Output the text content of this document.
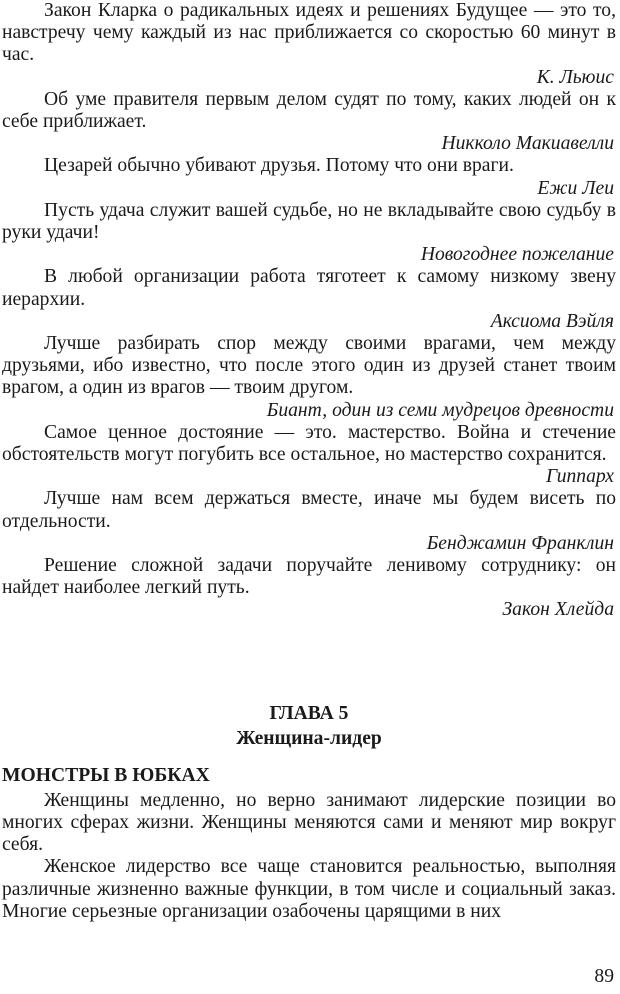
Закон Кларка о радикальных идеях и решениях Будущее — это то, навстречу чему каждый из нас приближается со скоростью 60 минут в час.

К. Льюис

Об уме правителя первым делом судят по тому, каких людей он к себе приближает.

Никколо Макиавелли

Цезарей обычно убивают друзья. Потому что они враги.

Ежи Леи

Пусть удача служит вашей судьбе, но не вкладывайте свою судьбу в руки удачи!

Новогоднее пожелание

В любой организации работа тяготеет к самому низкому звену иерархии.

Аксиома Вэйля

Лучше разбирать спор между своими врагами, чем между друзьями, ибо известно, что после этого один из друзей станет твоим врагом, а один из врагов — твоим другом.

Биант, один из семи мудрецов древности

Самое ценное достояние — это. мастерство. Война и стечение обстоятельств могут погубить все остальное, но мастерство сохранится.

Гиппарх

Лучше нам всем держаться вместе, иначе мы будем висеть по отдельности.

Бенджамин Франклин

Решение сложной задачи поручайте ленивому сотруднику: он найдет наиболее легкий путь.

Закон Хлейда

ГЛАВА 5

Женщина-лидер

МОНСТРЫ В ЮБКАХ

Женщины медленно, но верно занимают лидерские позиции во многих сферах жизни. Женщины меняются сами и меняют мир вокруг себя.

Женское лидерство все чаще становится реальностью, выполняя различные жизненно важные функции, в том числе и социальный заказ. Многие серьезные организации озабочены царящими в них

89
